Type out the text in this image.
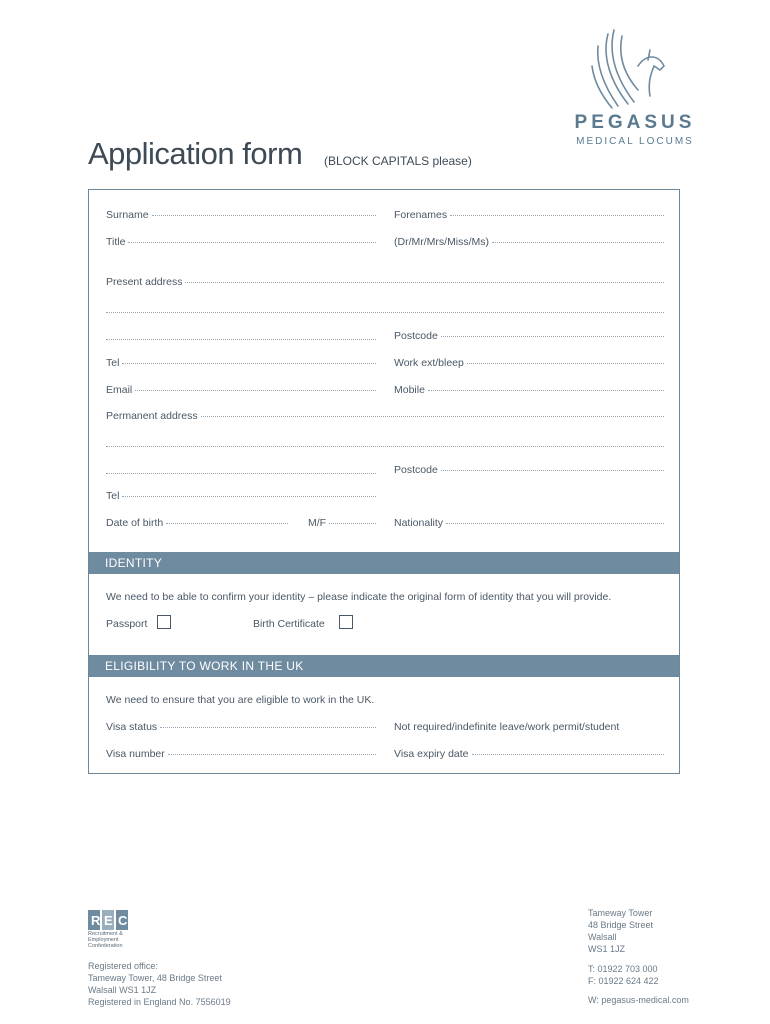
PEGASUS
MEDICAL LOCUMS
Application form (BLOCK CAPITALS please)
Surname	Forenames
Title	(Dr/Mr/Mrs/Miss/Ms)
Present address
Postcode
Tel	Work ext/bleep
Email	Mobile
Permanent address
Postcode
Tel
Date of birth	M/F	Nationality
IDENTITY
We need to be able to confirm your identity – please indicate the original form of identity that you will provide.
Passport	Birth Certificate
ELIGIBILITY TO WORK IN THE UK
We need to ensure that you are eligible to work in the UK.
Visa status	Not required/indefinite leave/work permit/student
Visa number	Visa expiry date
R E C
Recruitment &
Employment
Confederation
Registered office:
Tameway Tower, 48 Bridge Street
Walsall WS1 1JZ
Registered in England No. 7556019
Tameway Tower
48 Bridge Street
Walsall
WS1 1JZ
T: 01922 703 000
F: 01922 624 422
W: pegasus-medical.com
